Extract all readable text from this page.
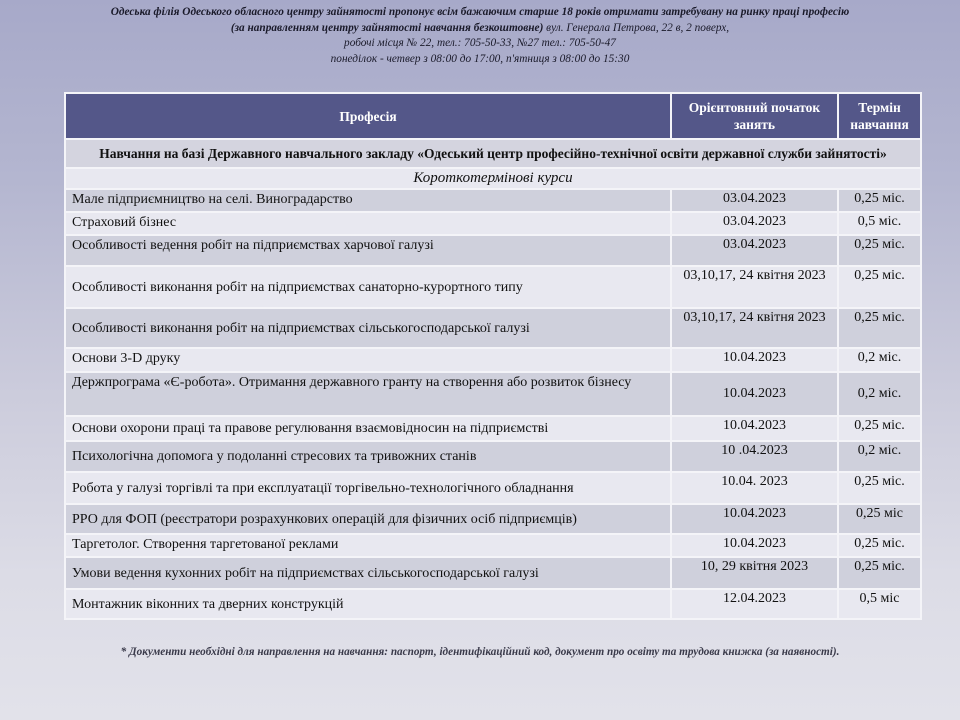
Одеська філія Одеського обласного центру зайнятості пропонує всім бажаючим старше 18 років отримати затребувану на ринку праці професію
(за направленням центру зайнятості навчання безкоштовне) вул. Генерала Петрова, 22 в, 2 поверх,
робочі місця № 22, тел.: 705-50-33, №27 тел.: 705-50-47
понеділок - четвер з 08:00 до 17:00, п'ятниця з 08:00 до 15:30
Професія	Орієнтовний початок занять	Термін навчання
Навчання на базі Державного навчального закладу «Одеський центр професійно-технічної освіти державної служби зайнятості»		
Короткотермінові курси		
Мале підприємництво на селі. Виноградарство	03.04.2023	0,25 міс.
Страховий бізнес	03.04.2023	0,5 міс.
Особливості ведення робіт на підприємствах харчової галузі	03.04.2023	0,25 міс.
Особливості виконання робіт на підприємствах санаторно-курортного типу	03,10,17, 24 квітня 2023	0,25 міс.
Особливості виконання робіт на підприємствах сільськогосподарської галузі	03,10,17, 24 квітня 2023	0,25 міс.
Основи 3-D друку	10.04.2023	0,2 міс.
Держпрограма «Є-робота». Отримання державного гранту на створення або розвиток бізнесу	10.04.2023	0,2 міс.
Основи охорони праці та правове регулювання взаємовідносин на підприємстві	10.04.2023	0,25 міс.
Психологічна допомога у подоланні стресових та тривожних станів	10 .04.2023	0,2 міс.
Робота у галузі торгівлі та при експлуатації торгівельно-технологічного обладнання	10.04. 2023	0,25 міс.
РРО для ФОП (реєстратори розрахункових операцій для фізичних осіб підприємців)	10.04.2023	0,25 міс
Таргетолог. Створення таргетованої реклами	10.04.2023	0,25 міс.
Умови ведення кухонних робіт на підприємствах сільськогосподарської галузі	10, 29 квітня 2023	0,25 міс.
Монтажник віконних та дверних конструкцій	12.04.2023	0,5 міс
* Документи необхідні для направлення на навчання: паспорт, ідентифікаційний код, документ про освіту та трудова книжка (за наявності).
